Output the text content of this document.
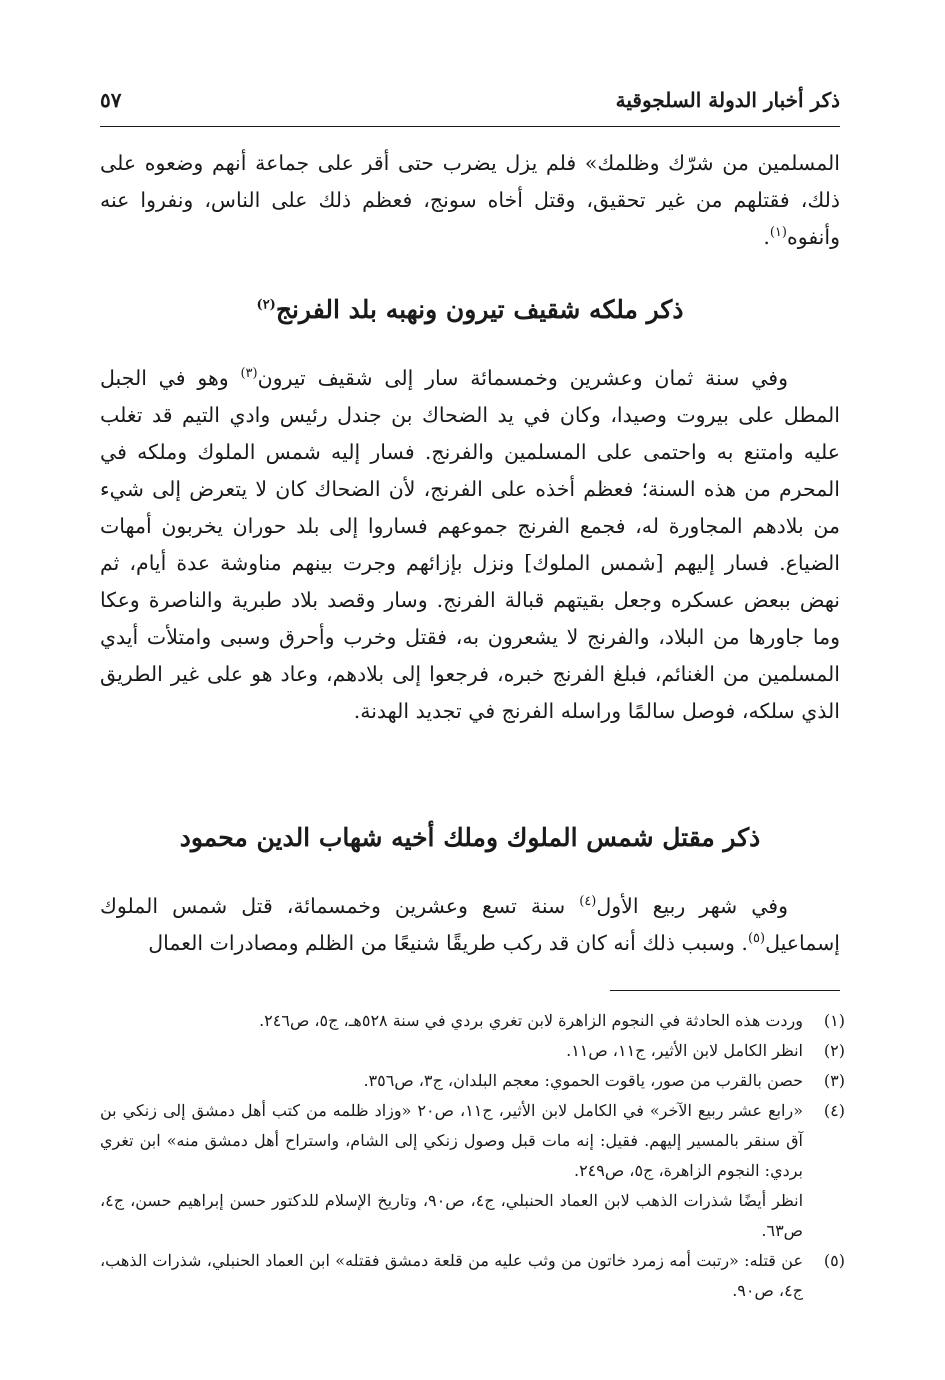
ذكر أخبار الدولة السلجوقية
٥٧

المسلمين من شرّك وظلمك» فلم يزل يضرب حتى أقر على جماعة أنهم وضعوه على ذلك، فقتلهم من غير تحقيق، وقتل أخاه سونج، فعظم ذلك على الناس، ونفروا عنه وأنفوه$^{(١)}$.

ذكر ملكه شقيف تيرون ونهبه بلد الفرنج$^{(٢)}$

وفي سنة ثمان وعشرين وخمسمائة سار إلى شقيف تيرون$^{(٣)}$ وهو في الجبل المطل على بيروت وصيدا، وكان في يد الضحاك بن جندل رئيس وادي التيم قد تغلب عليه وامتنع به واحتمى على المسلمين والفرنج. فسار إليه شمس الملوك وملكه في المحرم من هذه السنة؛ فعظم أخذه على الفرنج، لأن الضحاك كان لا يتعرض إلى شيء من بلادهم المجاورة له، فجمع الفرنج جموعهم فساروا إلى بلد حوران يخربون أمهات الضياع. فسار إليهم [شمس الملوك] ونزل بإزائهم وجرت بينهم مناوشة عدة أيام، ثم نهض ببعض عسكره وجعل بقيتهم قبالة الفرنج. وسار وقصد بلاد طبرية والناصرة وعكا وما جاورها من البلاد، والفرنج لا يشعرون به، فقتل وخرب وأحرق وسبى وامتلأت أيدي المسلمين من الغنائم، فبلغ الفرنج خبره، فرجعوا إلى بلادهم، وعاد هو على غير الطريق الذي سلكه، فوصل سالمًا وراسله الفرنج في تجديد الهدنة.

ذكر مقتل شمس الملوك وملك أخيه شهاب الدين محمود

وفي شهر ربيع الأول$^{(٤)}$ سنة تسع وعشرين وخمسمائة، قتل شمس الملوك إسماعيل$^{(٥)}$. وسبب ذلك أنه كان قد ركب طريقًا شنيعًا من الظلم ومصادرات العمال

(١)
وردت هذه الحادثة في النجوم الزاهرة لابن تغري بردي في سنة ٥٢٨هـ، ج٥، ص٢٤٦.
(٢)
انظر الكامل لابن الأثير، ج١١، ص١١.
(٣)
حصن بالقرب من صور، ياقوت الحموي: معجم البلدان، ج٣، ص٣٥٦.
(٤)
«رابع عشر ربيع الآخر» في الكامل لابن الأثير، ج١١، ص٢٠ «وزاد ظلمه من كتب أهل دمشق إلى زنكي بن آق سنقر بالمسير إليهم. فقيل: إنه مات قبل وصول زنكي إلى الشام، واستراح أهل دمشق منه» ابن تغري بردي: النجوم الزاهرة، ج٥، ص٢٤٩.
انظر أيضًا شذرات الذهب لابن العماد الحنبلي، ج٤، ص٩٠، وتاريخ الإسلام للدكتور حسن إبراهيم حسن، ج٤، ص٦٣.
(٥)
عن قتله: «رتبت أمه زمرد خاتون من وثب عليه من قلعة دمشق فقتله» ابن العماد الحنبلي، شذرات الذهب، ج٤، ص٩٠.
